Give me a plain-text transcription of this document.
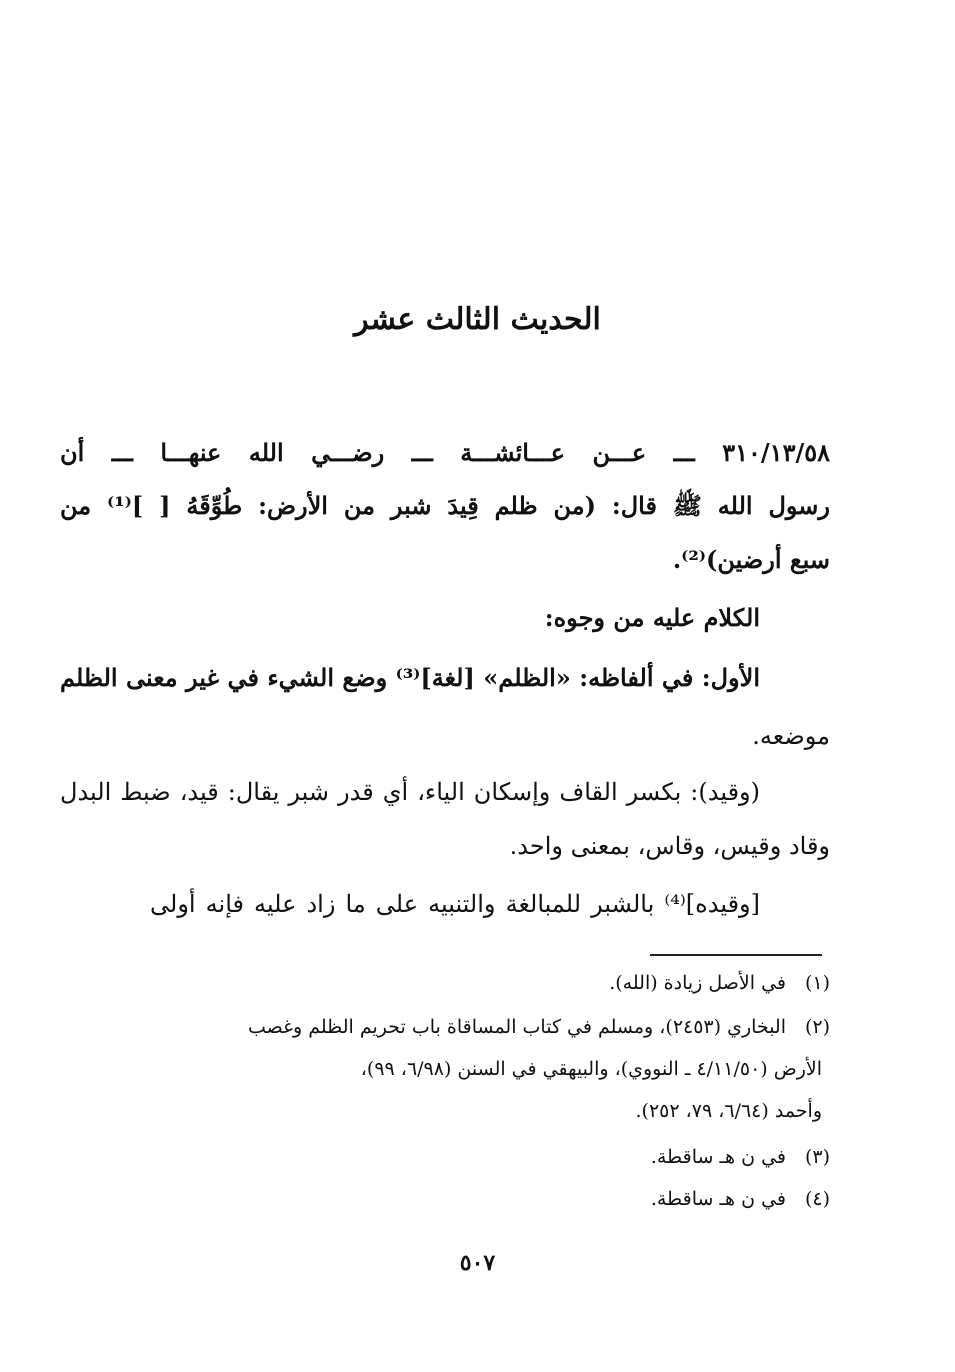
الحديث الثالث عشر
٣١٠/١٣/٥٨ ـــ عـــن عـــائشـــة ـــ رضـــي الله عنهـــا ـــ أن
رسول الله ﷺ قال: (من ظلم قِيدَ شبر من الأرض: طُوِّقَهُ [ ]⁽¹⁾ من
سبع أرضين)⁽²⁾.
الكلام عليه من وجوه:
الأول: في ألفاظه: «الظلم» [لغة]⁽³⁾ وضع الشيء في غير معنى الظلم
موضعه.
(وقيد): بكسر القاف وإسكان الياء، أي قدر شبر يقال: قيد، ضبط البدل
وقاد وقيس، وقاس، بمعنى واحد.
[وقيده]⁽⁴⁾ بالشبر للمبالغة والتنبيه على ما زاد عليه فإنه أولى
(١)في الأصل زيادة (الله).
(٢)البخاري (٢٤٥٣)، ومسلم في كتاب المساقاة باب تحريم الظلم وغصب
الأرض (٤/١١/٥٠ ـ النووي)، والبيهقي في السنن (٦/٩٨، ٩٩)،
وأحمد (٦/٦٤، ٧٩، ٢٥٢).
(٣)في ن هـ ساقطة.
(٤)في ن هـ ساقطة.
٥٠٧
